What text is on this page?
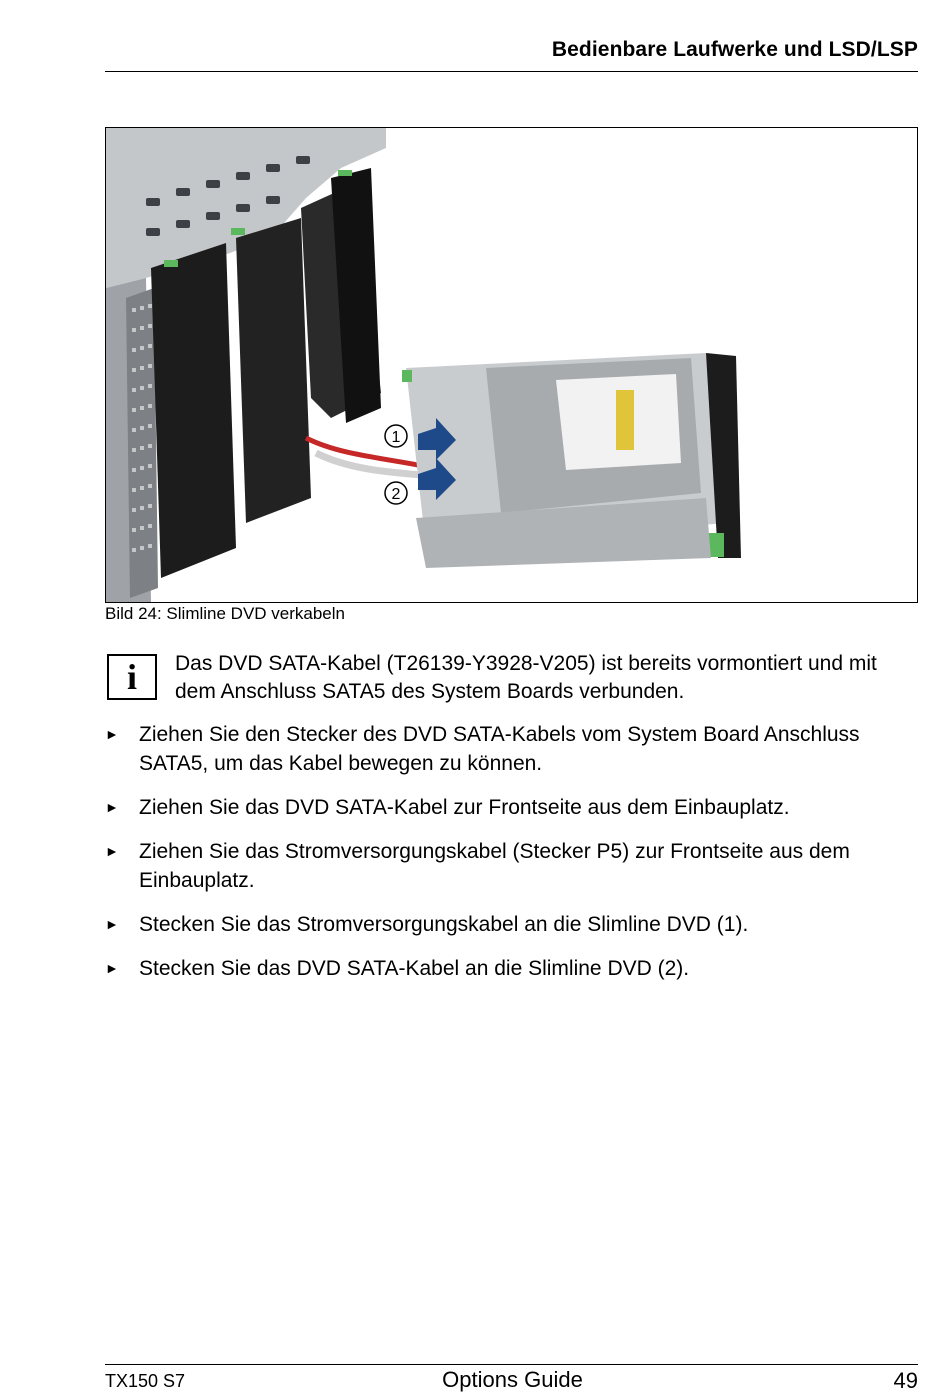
Bedienbare Laufwerke und LSD/LSP
1
2
Bild 24: Slimline DVD verkabeln
i	Das DVD SATA-Kabel (T26139-Y3928-V205) ist bereits vormontiert und mit dem Anschluss SATA5 des System Boards verbunden.
► Ziehen Sie den Stecker des DVD SATA-Kabels vom System Board Anschluss SATA5, um das Kabel bewegen zu können.
► Ziehen Sie das DVD SATA-Kabel zur Frontseite aus dem Einbauplatz.
► Ziehen Sie das Stromversorgungskabel (Stecker P5) zur Frontseite aus dem Einbauplatz.
► Stecken Sie das Stromversorgungskabel an die Slimline DVD (1).
► Stecken Sie das DVD SATA-Kabel an die Slimline DVD (2).
TX150 S7	Options Guide	49
